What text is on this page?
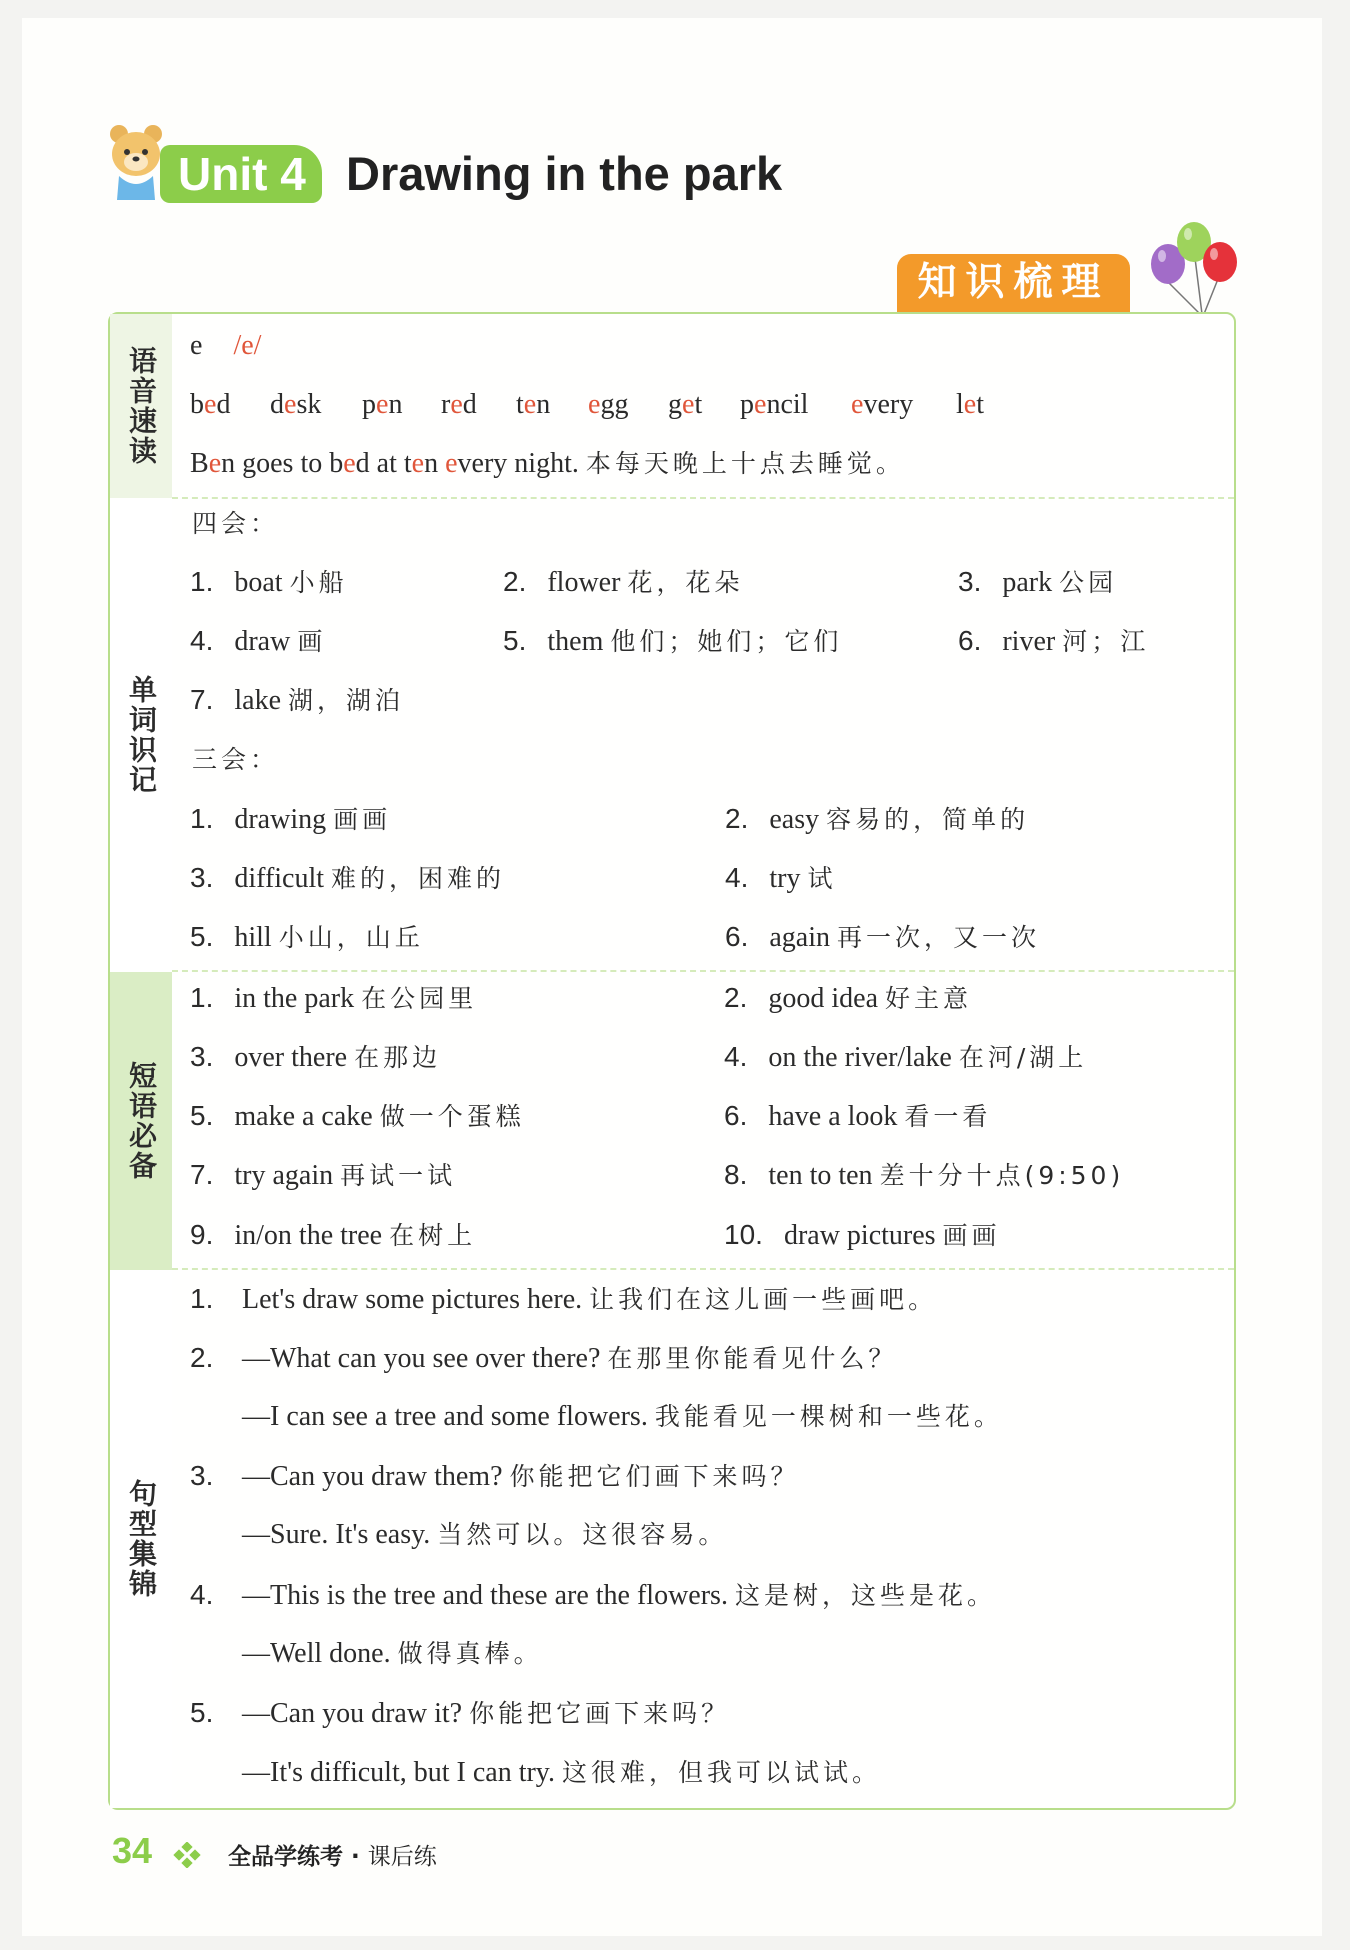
Unit 4 Drawing in the park
知识梳理
语音速读
单词识记
短语必备
句型集锦
e /e/
bed desk pen red ten egg get pencil every let
Ben goes to bed at ten every night. 本每天晚上十点去睡觉。
四会：
1. boat 小船	2. flower 花，花朵	3. park 公园
4. draw 画	5. them 他们；她们；它们	6. river 河；江
7. lake 湖，湖泊
三会：
1. drawing 画画	2. easy 容易的，简单的
3. difficult 难的，困难的	4. try 试
5. hill 小山，山丘	6. again 再一次，又一次
1. in the park 在公园里	2. good idea 好主意
3. over there 在那边	4. on the river/lake 在河/湖上
5. make a cake 做一个蛋糕	6. have a look 看一看
7. try again 再试一试	8. ten to ten 差十分十点(9:50)
9. in/on the tree 在树上	10. draw pictures 画画
1. Let's draw some pictures here. 让我们在这儿画一些画吧。
2. —What can you see over there? 在那里你能看见什么？
—I can see a tree and some flowers. 我能看见一棵树和一些花。
3. —Can you draw them? 你能把它们画下来吗？
—Sure. It's easy. 当然可以。这很容易。
4. —This is the tree and these are the flowers. 这是树，这些是花。
—Well done. 做得真棒。
5. —Can you draw it? 你能把它画下来吗？
—It's difficult, but I can try. 这很难，但我可以试试。
34	全品学练考 · 课后练
